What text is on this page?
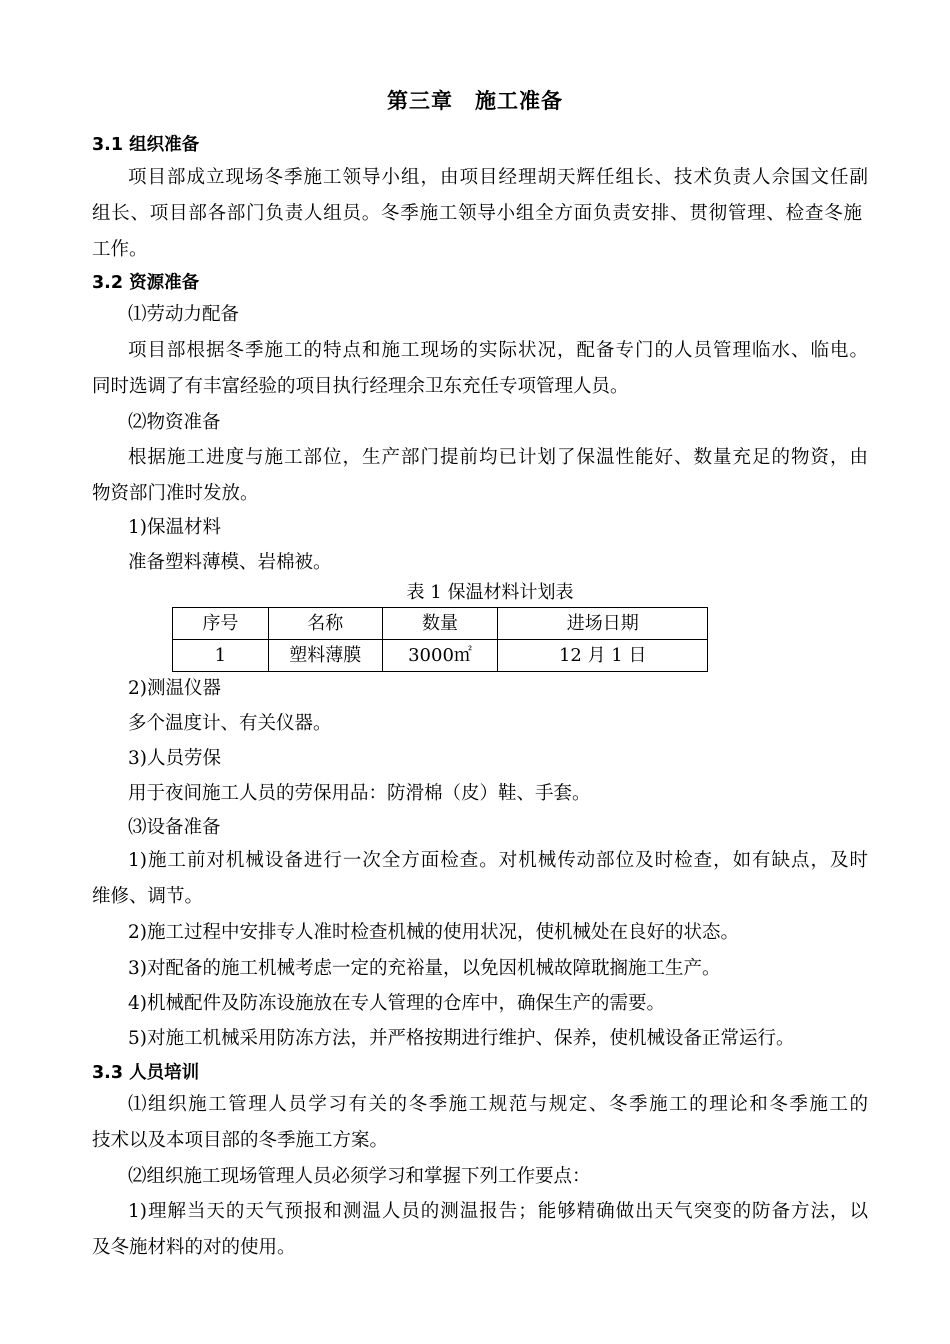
第三章　施工准备
3.1 组织准备
项目部成立现场冬季施工领导小组，由项目经理胡天辉任组长、技术负责人佘国文任副
组长、项目部各部门负责人组员。冬季施工领导小组全方面负责安排、贯彻管理、检查冬施
工作。
3.2 资源准备
⑴劳动力配备
项目部根据冬季施工的特点和施工现场的实际状况，配备专门的人员管理临水、临电。
同时选调了有丰富经验的项目执行经理余卫东充任专项管理人员。
⑵物资准备
根据施工进度与施工部位，生产部门提前均已计划了保温性能好、数量充足的物资，由
物资部门准时发放。
1)保温材料
准备塑料薄模、岩棉被。
表 1 保温材料计划表
序号	名称	数量	进场日期
1	塑料薄膜	3000㎡	12 月 1 日
2)测温仪器
多个温度计、有关仪器。
3)人员劳保
用于夜间施工人员的劳保用品：防滑棉（皮）鞋、手套。
⑶设备准备
1)施工前对机械设备进行一次全方面检查。对机械传动部位及时检查，如有缺点，及时
维修、调节。
2)施工过程中安排专人准时检查机械的使用状况，使机械处在良好的状态。
3)对配备的施工机械考虑一定的充裕量，以免因机械故障耽搁施工生产。
4)机械配件及防冻设施放在专人管理的仓库中，确保生产的需要。
5)对施工机械采用防冻方法，并严格按期进行维护、保养，使机械设备正常运行。
3.3 人员培训
⑴组织施工管理人员学习有关的冬季施工规范与规定、冬季施工的理论和冬季施工的
技术以及本项目部的冬季施工方案。
⑵组织施工现场管理人员必须学习和掌握下列工作要点：
1)理解当天的天气预报和测温人员的测温报告；能够精确做出天气突变的防备方法，以
及冬施材料的对的使用。
